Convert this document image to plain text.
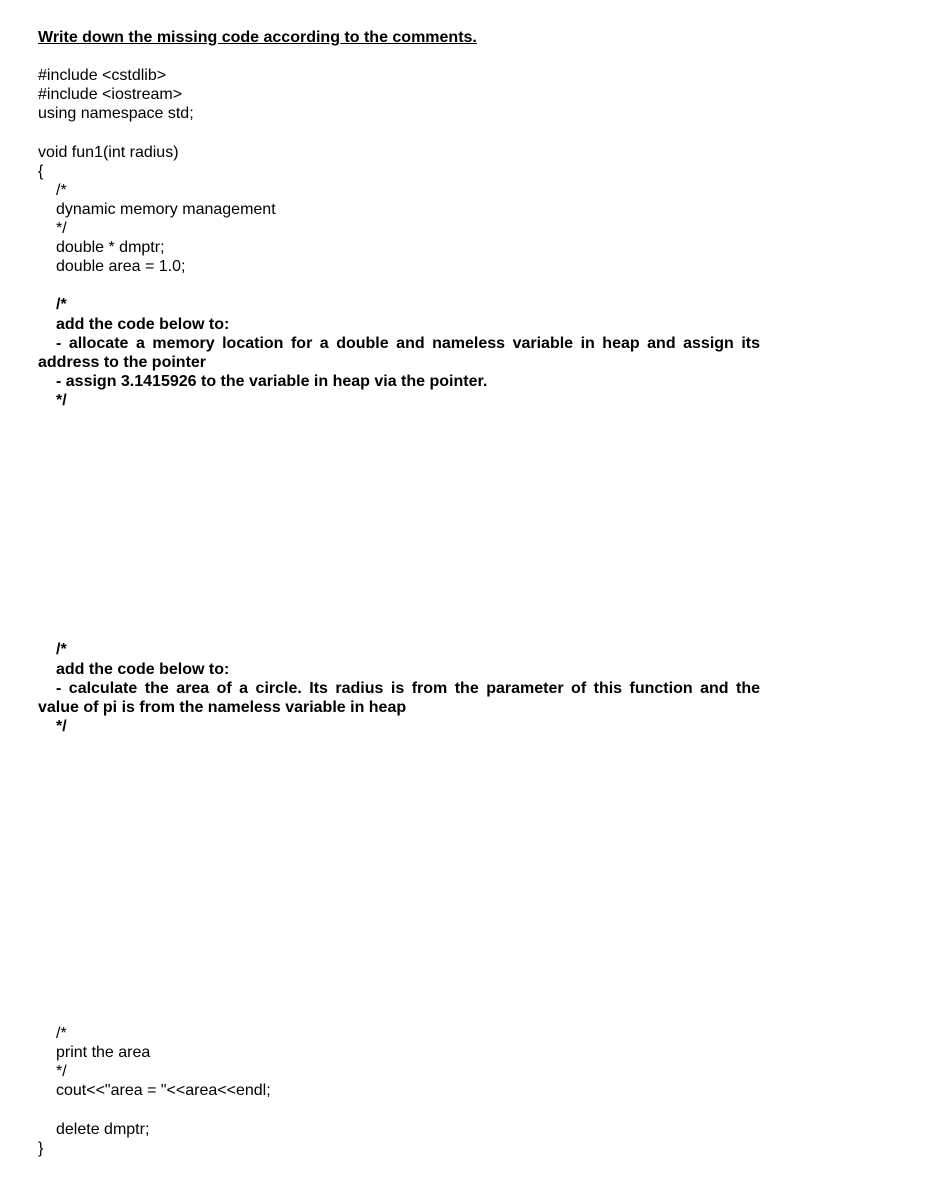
Write down the missing code according to the comments.
#include <cstdlib>
#include <iostream>
using namespace std;
void fun1(int radius)
{
/*
dynamic memory management
*/
double * dmptr;
double area = 1.0;
/*
add the code below to:
- allocate a memory location for a double and nameless variable in heap and assign its
address to the pointer
- assign 3.1415926 to the variable in heap via the pointer.
*/
/*
add the code below to:
- calculate the area of a circle. Its radius is from the parameter of this function and the
value of pi is from the nameless variable in heap
*/
/*
print the area
*/
cout<<"area = "<<area<<endl;
delete dmptr;
}
